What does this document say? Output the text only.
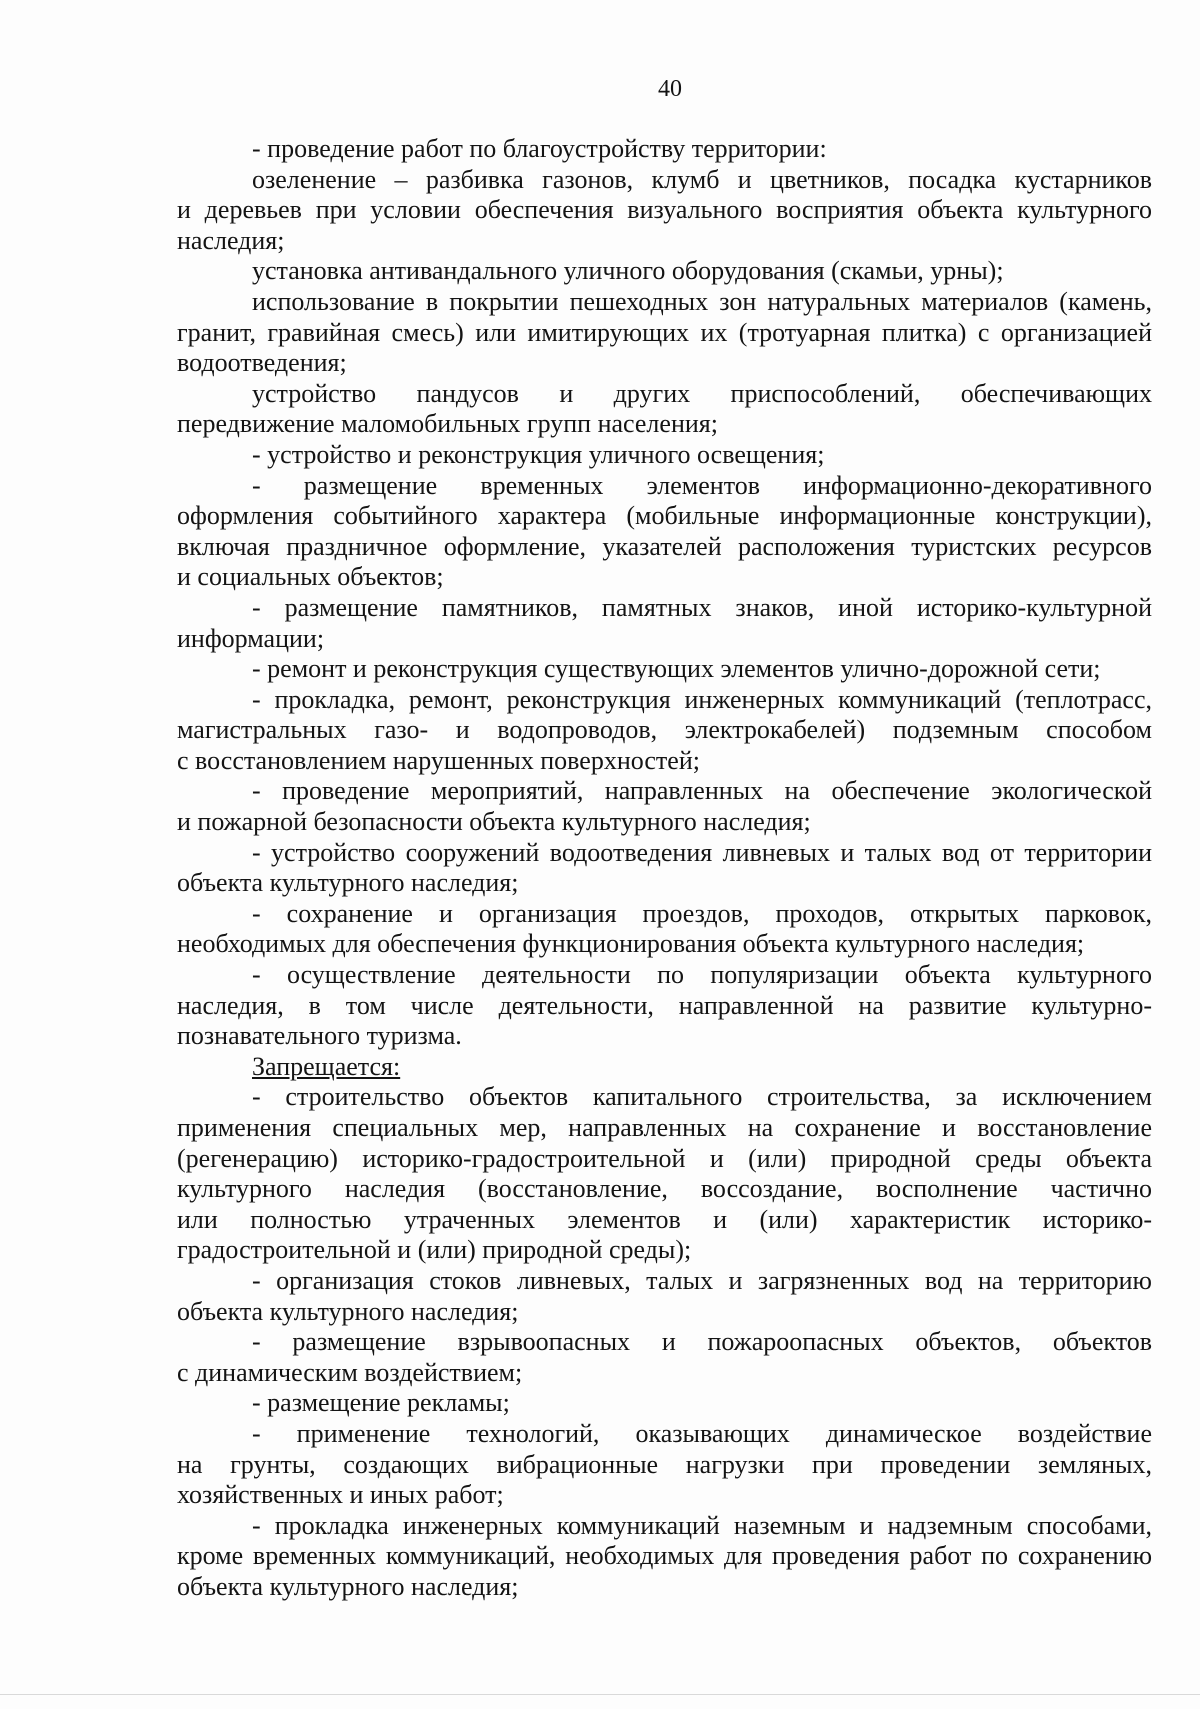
40
- проведение работ по благоустройству территории:
озеленение – разбивка газонов, клумб и цветников, посадка кустарников
и деревьев при условии обеспечения визуального восприятия объекта культурного
наследия;
установка антивандального уличного оборудования (скамьи, урны);
использование в покрытии пешеходных зон натуральных материалов (камень,
гранит, гравийная смесь) или имитирующих их (тротуарная плитка) с организацией
водоотведения;
устройство пандусов и других приспособлений, обеспечивающих
передвижение маломобильных групп населения;
- устройство и реконструкция уличного освещения;
- размещение временных элементов информационно-декоративного
оформления событийного характера (мобильные информационные конструкции),
включая праздничное оформление, указателей расположения туристских ресурсов
и социальных объектов;
- размещение памятников, памятных знаков, иной историко-культурной
информации;
- ремонт и реконструкция существующих элементов улично-дорожной сети;
- прокладка, ремонт, реконструкция инженерных коммуникаций (теплотрасс,
магистральных газо- и водопроводов, электрокабелей) подземным способом
с восстановлением нарушенных поверхностей;
- проведение мероприятий, направленных на обеспечение экологической
и пожарной безопасности объекта культурного наследия;
- устройство сооружений водоотведения ливневых и талых вод от территории
объекта культурного наследия;
- сохранение и организация проездов, проходов, открытых парковок,
необходимых для обеспечения функционирования объекта культурного наследия;
- осуществление деятельности по популяризации объекта культурного
наследия, в том числе деятельности, направленной на развитие культурно-
познавательного туризма.
Запрещается:
- строительство объектов капитального строительства, за исключением
применения специальных мер, направленных на сохранение и восстановление
(регенерацию) историко-градостроительной и (или) природной среды объекта
культурного наследия (восстановление, воссоздание, восполнение частично
или полностью утраченных элементов и (или) характеристик историко-
градостроительной и (или) природной среды);
- организация стоков ливневых, талых и загрязненных вод на территорию
объекта культурного наследия;
- размещение взрывоопасных и пожароопасных объектов, объектов
с динамическим воздействием;
- размещение рекламы;
- применение технологий, оказывающих динамическое воздействие
на грунты, создающих вибрационные нагрузки при проведении земляных,
хозяйственных и иных работ;
- прокладка инженерных коммуникаций наземным и надземным способами,
кроме временных коммуникаций, необходимых для проведения работ по сохранению
объекта культурного наследия;
